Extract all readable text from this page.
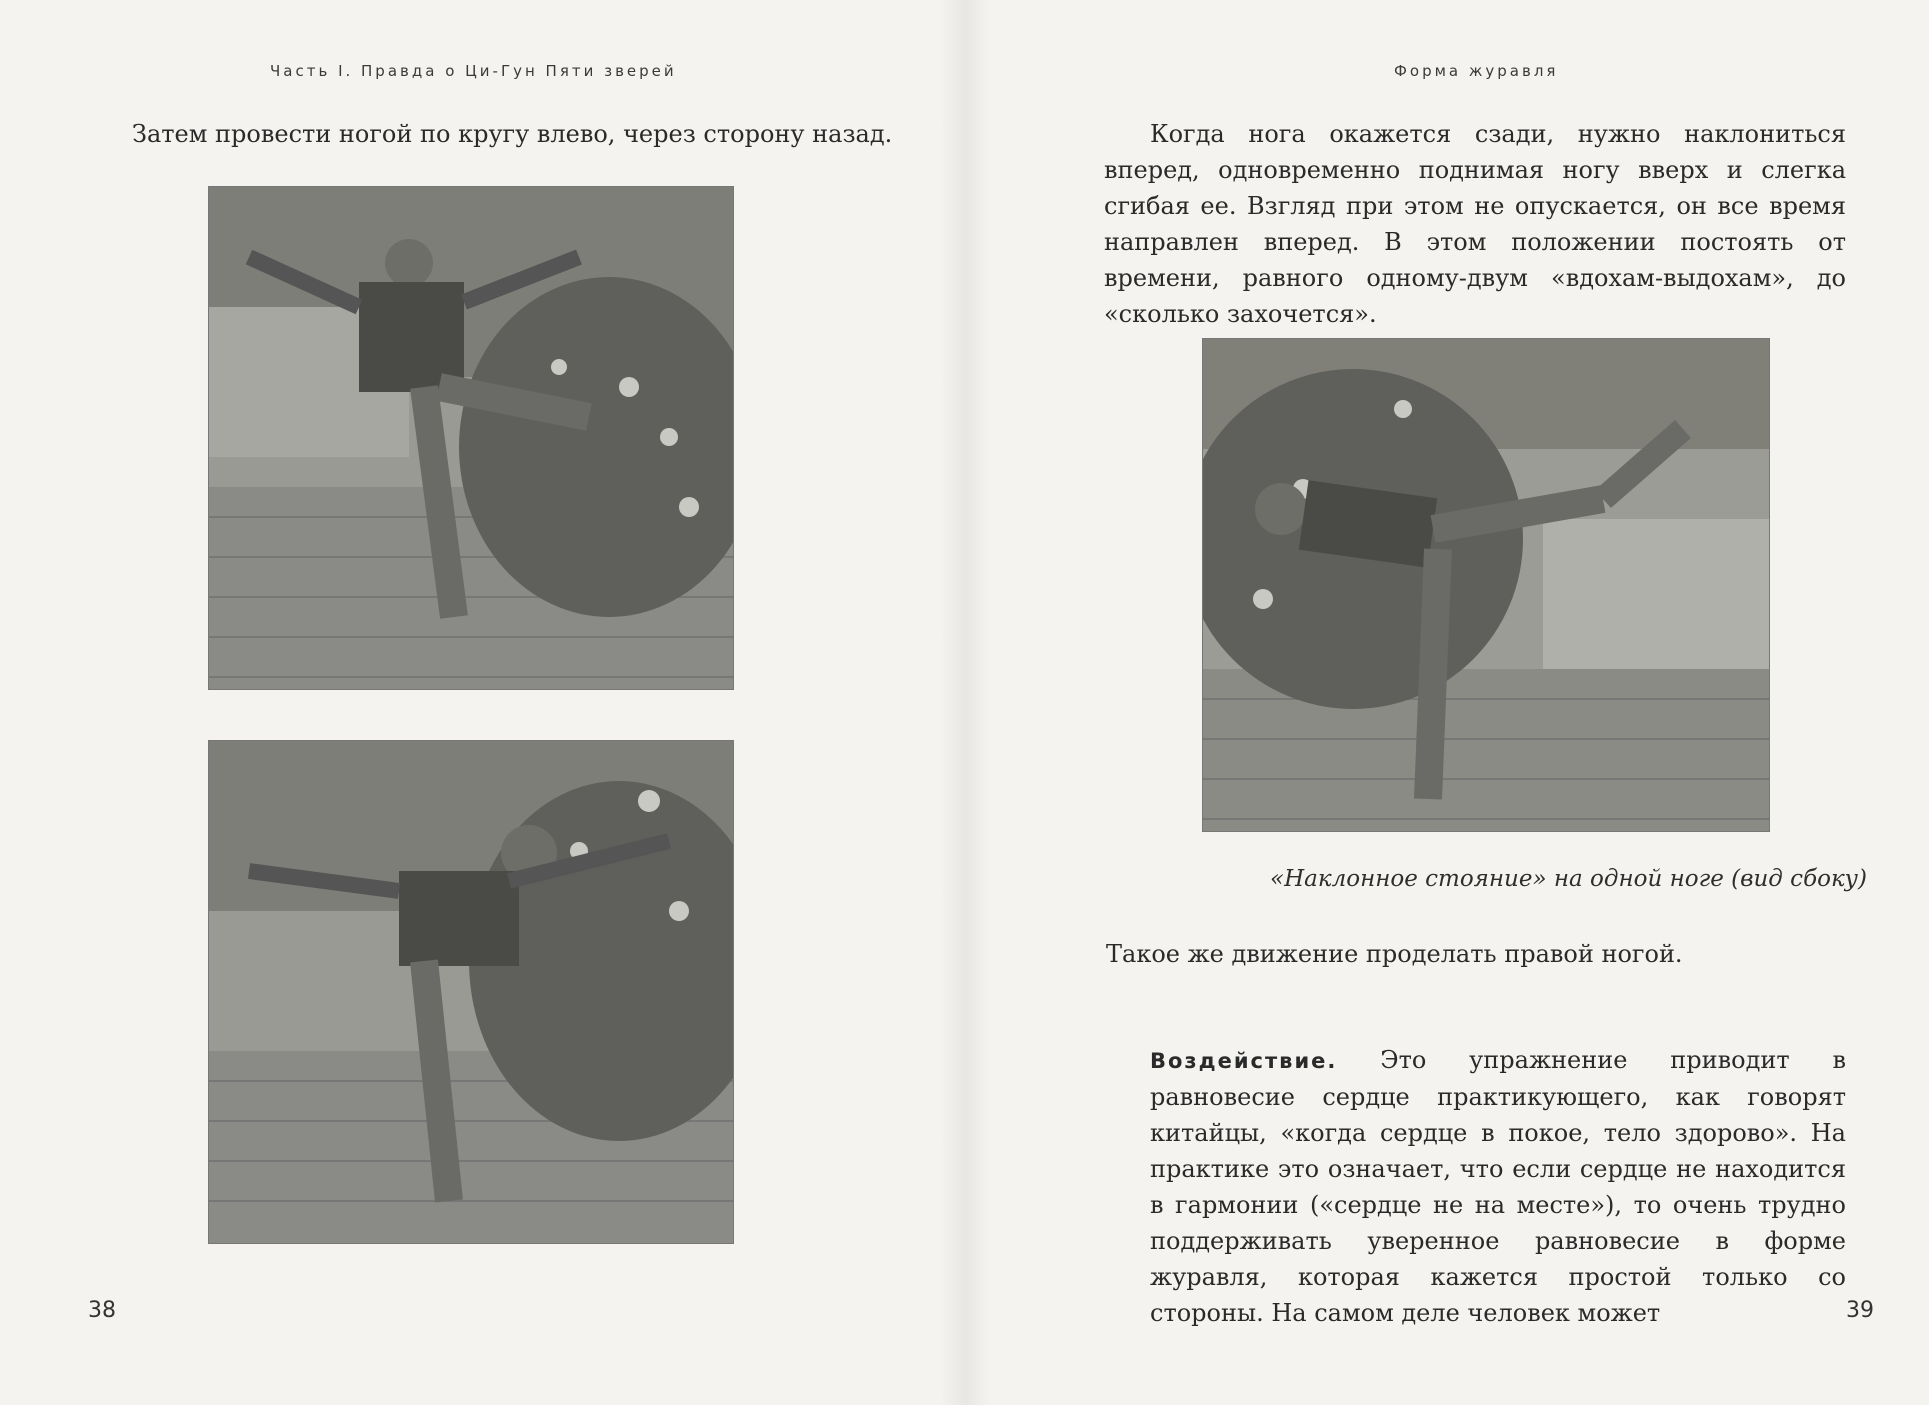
Часть I. Правда о Ци-Гун Пяти зверей
Затем провести ногой по кругу влево, через сторону назад.
38
Форма журавля
Когда нога окажется сзади, нужно наклониться вперед, одновременно поднимая ногу вверх и слегка сгибая ее. Взгляд при этом не опускается, он все время направлен вперед. В этом положении постоять от времени, равного одному-двум «вдохам-выдохам», до «сколько захочется».
«Наклонное стояние» на одной ноге (вид сбоку)
Такое же движение проделать правой ногой.
Воздействие. Это упражнение приводит в равновесие сердце практикующего, как говорят китайцы, «когда сердце в покое, тело здорово». На практике это означает, что если сердце не находится в гармонии («сердце не на месте»), то очень трудно поддерживать уверенное равновесие в форме журавля, которая кажется простой только со стороны. На самом деле человек может	39
